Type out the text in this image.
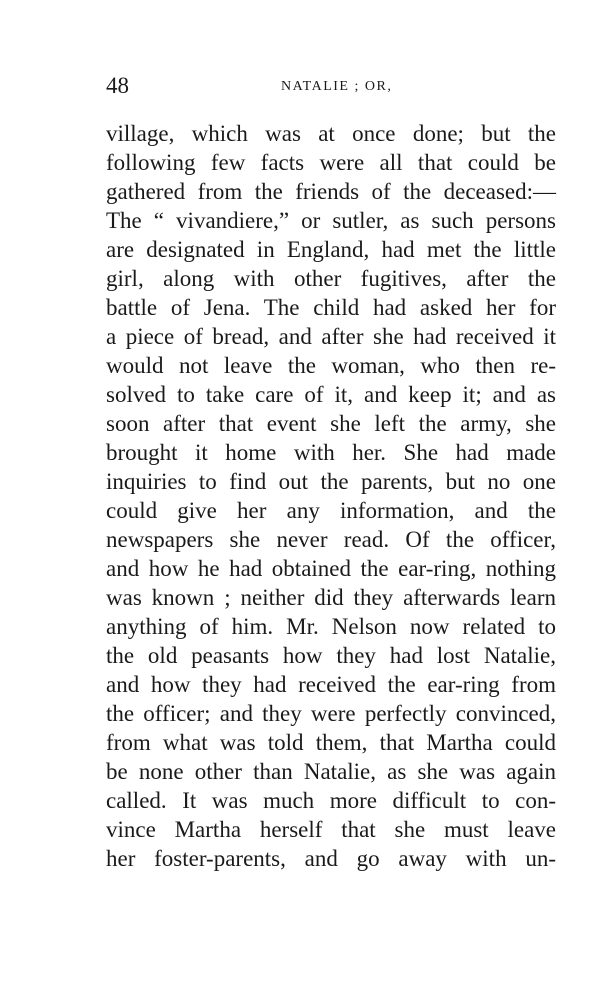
48	NATALIE ; OR,
village, which was at once done; but the
following few facts were all that could be
gathered from the friends of the deceased:—
The “ vivandiere,” or sutler, as such persons
are designated in England, had met the little
girl, along with other fugitives, after the
battle of Jena. The child had asked her for
a piece of bread, and after she had received it
would not leave the woman, who then re-
solved to take care of it, and keep it; and as
soon after that event she left the army, she
brought it home with her. She had made
inquiries to find out the parents, but no one
could give her any information, and the
newspapers she never read. Of the officer,
and how he had obtained the ear-ring, nothing
was known ; neither did they afterwards learn
anything of him. Mr. Nelson now related to
the old peasants how they had lost Natalie,
and how they had received the ear-ring from
the officer; and they were perfectly convinced,
from what was told them, that Martha could
be none other than Natalie, as she was again
called. It was much more difficult to con-
vince Martha herself that she must leave
her foster-parents, and go away with un-
